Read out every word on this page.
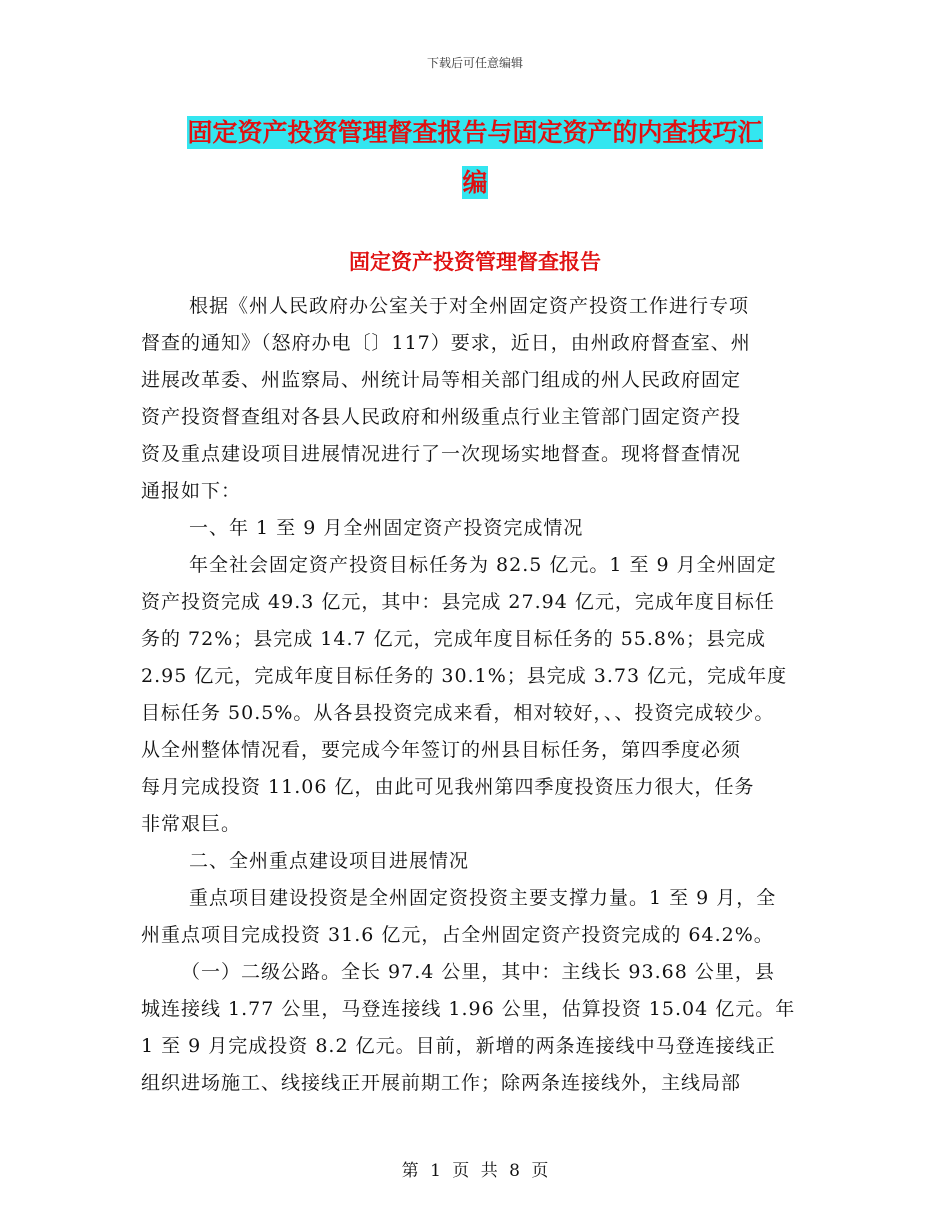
下载后可任意编辑
固定资产投资管理督查报告与固定资产的内查技巧汇
编
固定资产投资管理督查报告
根据《州人民政府办公室关于对全州固定资产投资工作进行专项
督查的通知》（怒府办电〔〕117）要求，近日，由州政府督查室、州
进展改革委、州监察局、州统计局等相关部门组成的州人民政府固定
资产投资督查组对各县人民政府和州级重点行业主管部门固定资产投
资及重点建设项目进展情况进行了一次现场实地督查。现将督查情况
通报如下：
一、年 1 至 9 月全州固定资产投资完成情况
年全社会固定资产投资目标任务为 82.5 亿元。1 至 9 月全州固定
资产投资完成 49.3 亿元，其中：县完成 27.94 亿元，完成年度目标任
务的 72%；县完成 14.7 亿元，完成年度目标任务的 55.8%；县完成
2.95 亿元，完成年度目标任务的 30.1%；县完成 3.73 亿元，完成年度
目标任务 50.5%。从各县投资完成来看，相对较好，、、投资完成较少。
从全州整体情况看，要完成今年签订的州县目标任务，第四季度必须
每月完成投资 11.06 亿，由此可见我州第四季度投资压力很大，任务
非常艰巨。
二、全州重点建设项目进展情况
重点项目建设投资是全州固定资投资主要支撑力量。1 至 9 月，全
州重点项目完成投资 31.6 亿元，占全州固定资产投资完成的 64.2%。
（一）二级公路。全长 97.4 公里，其中：主线长 93.68 公里，县
城连接线 1.77 公里，马登连接线 1.96 公里，估算投资 15.04 亿元。年
1 至 9 月完成投资 8.2 亿元。目前，新增的两条连接线中马登连接线正
组织进场施工、线接线正开展前期工作；除两条连接线外，主线局部
第 1 页 共 8 页
